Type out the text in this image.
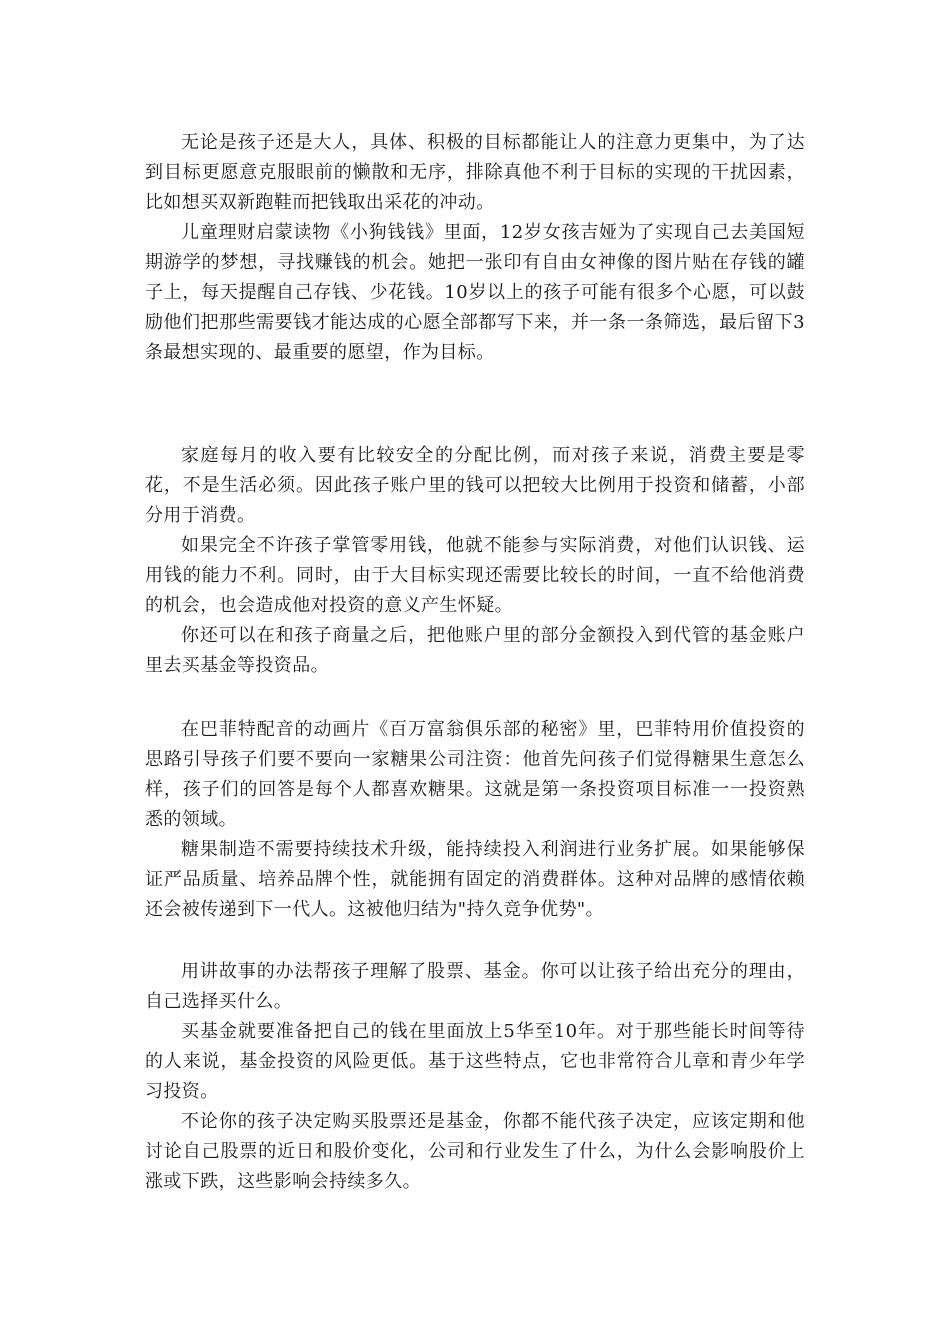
无论是孩子还是大人，具体、积极的目标都能让人的注意力更集中，为了达到目标更愿意克服眼前的懒散和无序，排除真他不利于目标的实现的干扰因素，比如想买双新跑鞋而把钱取出采花的冲动。

儿童理财启蒙读物《小狗钱钱》里面，12岁女孩吉娅为了实现自己去美国短期游学的梦想，寻找赚钱的机会。她把一张印有自由女神像的图片贴在存钱的罐子上，每天提醒自己存钱、少花钱。10岁以上的孩子可能有很多个心愿，可以鼓励他们把那些需要钱才能达成的心愿全部都写下来，并一条一条筛选，最后留下3条最想实现的、最重要的愿望，作为目标。

家庭每月的收入要有比较安全的分配比例，而对孩子来说，消费主要是零花，不是生活必须。因此孩子账户里的钱可以把较大比例用于投资和储蓄，小部分用于消费。

如果完全不许孩子掌管零用钱，他就不能参与实际消费，对他们认识钱、运用钱的能力不利。同时，由于大目标实现还需要比较长的时间，一直不给他消费的机会，也会造成他对投资的意义产生怀疑。

你还可以在和孩子商量之后，把他账户里的部分金额投入到代管的基金账户里去买基金等投资品。

在巴菲特配音的动画片《百万富翁俱乐部的秘密》里，巴菲特用价值投资的思路引导孩子们要不要向一家糖果公司注资：他首先问孩子们觉得糖果生意怎么样，孩子们的回答是每个人都喜欢糖果。这就是第一条投资项目标准一一投资熟悉的领域。

糖果制造不需要持续技术升级，能持续投入利润进行业务扩展。如果能够保证严品质量、培养品牌个性，就能拥有固定的消费群体。这种对品牌的感情依赖还会被传递到下一代人。这被他归结为"持久竞争优势"。

用讲故事的办法帮孩子理解了股票、基金。你可以让孩子给出充分的理由，自己选择买什么。

买基金就要准备把自己的钱在里面放上5华至10年。对于那些能长时间等待的人来说，基金投资的风险更低。基于这些特点，它也非常符合儿章和青少年学习投资。

不论你的孩子决定购买股票还是基金，你都不能代孩子决定，应该定期和他讨论自己股票的近日和股价变化，公司和行业发生了什么，为什么会影响股价上涨或下跌，这些影响会持续多久。
